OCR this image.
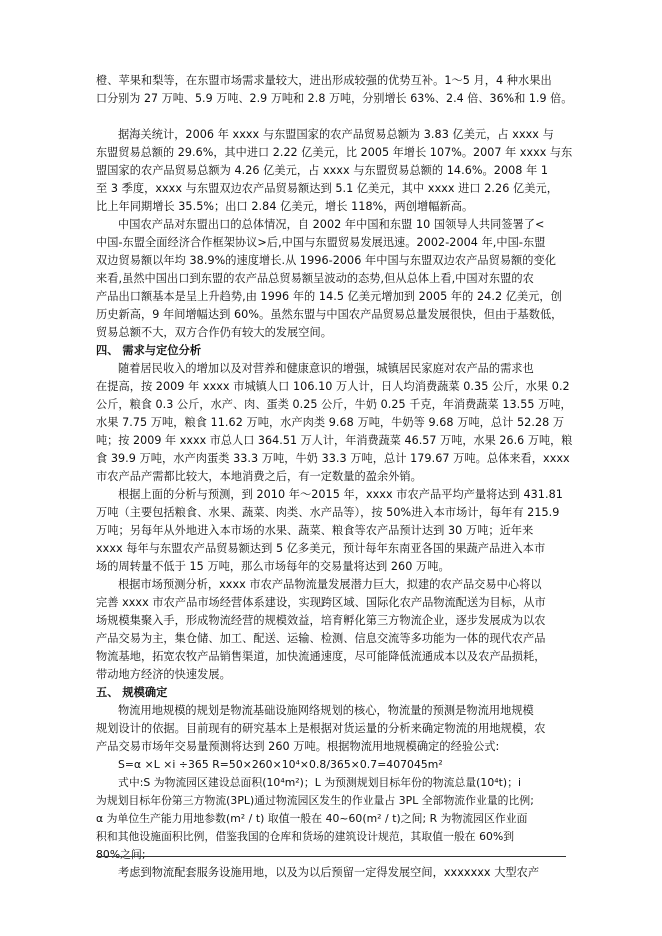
橙、苹果和梨等，在东盟市场需求量较大，进出形成较强的优势互补。1～5 月，4 种水果出
口分别为 27 万吨、5.9 万吨、2.9 万吨和 2.8 万吨，分别增长 63%、2.4 倍、36%和 1.9 倍。
据海关统计，2006 年 xxxx 与东盟国家的农产品贸易总额为 3.83 亿美元，占 xxxx 与
东盟贸易总额的 29.6%，其中进口 2.22 亿美元，比 2005 年增长 107%。2007 年 xxxx 与东
盟国家的农产品贸易总额为 4.26 亿美元，占 xxxx 与东盟贸易总额的 14.6%。2008 年 1
至 3 季度，xxxx 与东盟双边农产品贸易额达到 5.1 亿美元，其中 xxxx 进口 2.26 亿美元，
比上年同期增长 35.5%；出口 2.84 亿美元，增长 118%，两创增幅新高。
中国农产品对东盟出口的总体情况，自 2002 年中国和东盟 10 国领导人共同签署了<
中国-东盟全面经济合作框架协议>后,中国与东盟贸易发展迅速。2002-2004 年,中国-东盟
双边贸易额以年均 38.9%的速度增长.从 1996-2006 年中国与东盟双边农产品贸易额的变化
来看,虽然中国出口到东盟的农产品总贸易额呈波动的态势,但从总体上看,中国对东盟的农
产品出口额基本是呈上升趋势,由 1996 年的 14.5 亿美元增加到 2005 年的 24.2 亿美元，创
历史新高，9 年间增幅达到 60%。虽然东盟与中国农产品贸易总量发展很快，但由于基数低，
贸易总额不大，双方合作仍有较大的发展空间。
四、 需求与定位分析
随着居民收入的增加以及对营养和健康意识的增强，城镇居民家庭对农产品的需求也
在提高，按 2009 年 xxxx 市城镇人口 106.10 万人计，日人均消费蔬菜 0.35 公斤，水果 0.2
公斤，粮食 0.3 公斤，水产、肉、蛋类 0.25 公斤，牛奶 0.25 千克，年消费蔬菜 13.55 万吨，
水果 7.75 万吨，粮食 11.62 万吨，水产肉类 9.68 万吨，牛奶等 9.68 万吨，总计 52.28 万
吨；按 2009 年 xxxx 市总人口 364.51 万人计，年消费蔬菜 46.57 万吨，水果 26.6 万吨，粮
食 39.9 万吨，水产肉蛋类 33.3 万吨，牛奶 33.3 万吨，总计 179.67 万吨。总体来看，xxxx
市农产品产需都比较大，本地消费之后，有一定数量的盈余外销。
根据上面的分析与预测，到 2010 年～2015 年，xxxx 市农产品平均产量将达到 431.81
万吨（主要包括粮食、水果、蔬菜、肉类、水产品等），按 50%进入本市场计，每年有 215.9
万吨；另每年从外地进入本市场的水果、蔬菜、粮食等农产品预计达到 30 万吨；近年来
xxxx 每年与东盟农产品贸易额达到 5 亿多美元，预计每年东南亚各国的果蔬产品进入本市
场的周转量不低于 15 万吨，那么市场每年的交易量将达到 260 万吨。
根据市场预测分析，xxxx 市农产品物流量发展潜力巨大，拟建的农产品交易中心将以
完善 xxxx 市农产品市场经营体系建设，实现跨区域、国际化农产品物流配送为目标，从市
场规模集聚入手，形成物流经营的规模效益，培育孵化第三方物流企业，逐步发展成为以农
产品交易为主，集仓储、加工、配送、运输、检测、信息交流等多功能为一体的现代农产品
物流基地，拓宽农牧产品销售渠道，加快流通速度，尽可能降低流通成本以及农产品损耗，
带动地方经济的快速发展。
五、 规模确定
物流用地规模的规划是物流基础设施网络规划的核心，物流量的预测是物流用地规模
规划设计的依据。目前现有的研究基本上是根据对货运量的分析来确定物流的用地规模，农
产品交易市场年交易量预测将达到 260 万吨。根据物流用地规模确定的经验公式:
S=α ×L ×i ÷365 R=50×260×10⁴×0.8/365×0.7=407045m²
式中:S 为物流园区建设总面积(10⁴m²)；L 为预测规划目标年份的物流总量(10⁴t)；i
为规划目标年份第三方物流(3PL)通过物流园区发生的作业量占 3PL 全部物流作业量的比例;
α 为单位生产能力用地参数(m² / t) 取值一般在 40~60(m² / t)之间; R 为物流园区作业面
积和其他设施面积比例，借鉴我国的仓库和货场的建筑设计规范，其取值一般在 60%到
80%之间;
考虑到物流配套服务设施用地，以及为以后预留一定得发展空间，xxxxxxx 大型农产
